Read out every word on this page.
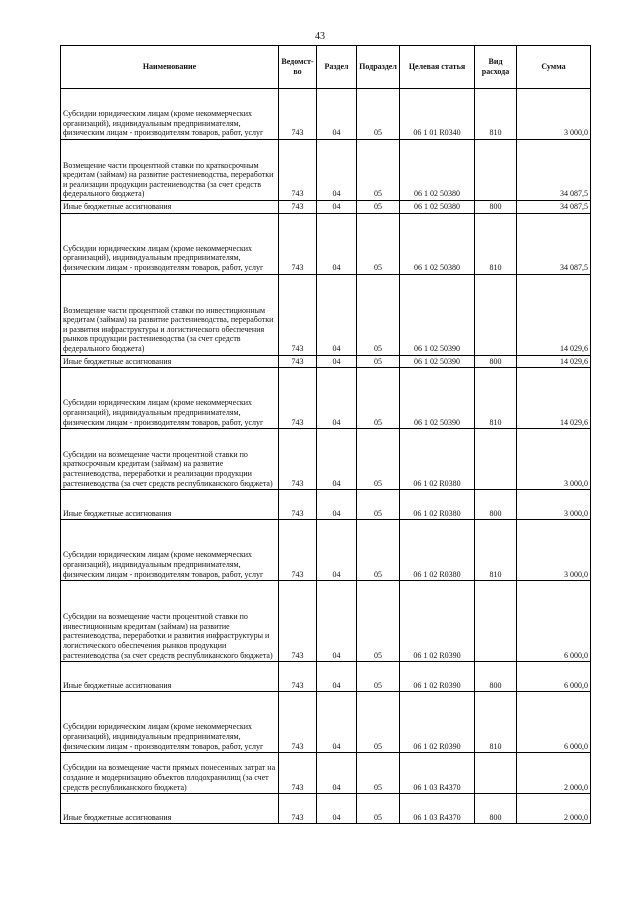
43
Наименование	Ведомст-во	Раздел	Подраздел	Целевая статья	Вид расхода	Сумма
Субсидии юридическим лицам (кроме некоммерческих организаций), индивидуальным предпринимателям, физическим лицам - производителям товаров, работ, услуг	743	04	05	06 1 01 R0340	810	3 000,0
Возмещение части процентной ставки по краткосрочным кредитам (займам) на развитие растениеводства, переработки и реализации продукции растениеводства (за счет средств федерального бюджета)	743	04	05	06 1 02 50380		34 087,5
Иные бюджетные ассигнования	743	04	05	06 1 02 50380	800	34 087,5
Субсидии юридическим лицам (кроме некоммерческих организаций), индивидуальным предпринимателям, физическим лицам - производителям товаров, работ, услуг	743	04	05	06 1 02 50380	810	34 087,5
Возмещение части процентной ставки по инвестиционным кредитам (займам) на развитие растениеводства, переработки и развития инфраструктуры и логистического обеспечения рынков продукции растениеводства (за счет средств федерального бюджета)	743	04	05	06 1 02 50390		14 029,6
Иные бюджетные ассигнования	743	04	05	06 1 02 50390	800	14 029,6
Субсидии юридическим лицам (кроме некоммерческих организаций), индивидуальным предпринимателям, физическим лицам - производителям товаров, работ, услуг	743	04	05	06 1 02 50390	810	14 029,6
Субсидии на возмещение части процентной ставки по краткосрочным кредитам (займам) на развитие растениеводства, переработки и реализации продукции растениеводства (за счет средств республиканского бюджета)	743	04	05	06 1 02 R0380		3 000,0
Иные бюджетные ассигнования	743	04	05	06 1 02 R0380	800	3 000,0
Субсидии юридическим лицам (кроме некоммерческих организаций), индивидуальным предпринимателям, физическим лицам - производителям товаров, работ, услуг	743	04	05	06 1 02 R0380	810	3 000,0
Субсидии на возмещение части процентной ставки по инвестиционным кредитам (займам) на развитие растениеводства, переработки и развития инфраструктуры и логистического обеспечения рынков продукции растениеводства (за счет средств республиканского бюджета)	743	04	05	06 1 02 R0390		6 000,0
Иные бюджетные ассигнования	743	04	05	06 1 02 R0390	800	6 000,0
Субсидии юридическим лицам (кроме некоммерческих организаций), индивидуальным предпринимателям, физическим лицам - производителям товаров, работ, услуг	743	04	05	06 1 02 R0390	810	6 000,0
Субсидии на возмещение части прямых понесенных затрат на создание и модернизацию объектов плодохранилищ (за счет средств республиканского бюджета)	743	04	05	06 1 03 R4370		2 000,0
Иные бюджетные ассигнования	743	04	05	06 1 03 R4370	800	2 000,0
